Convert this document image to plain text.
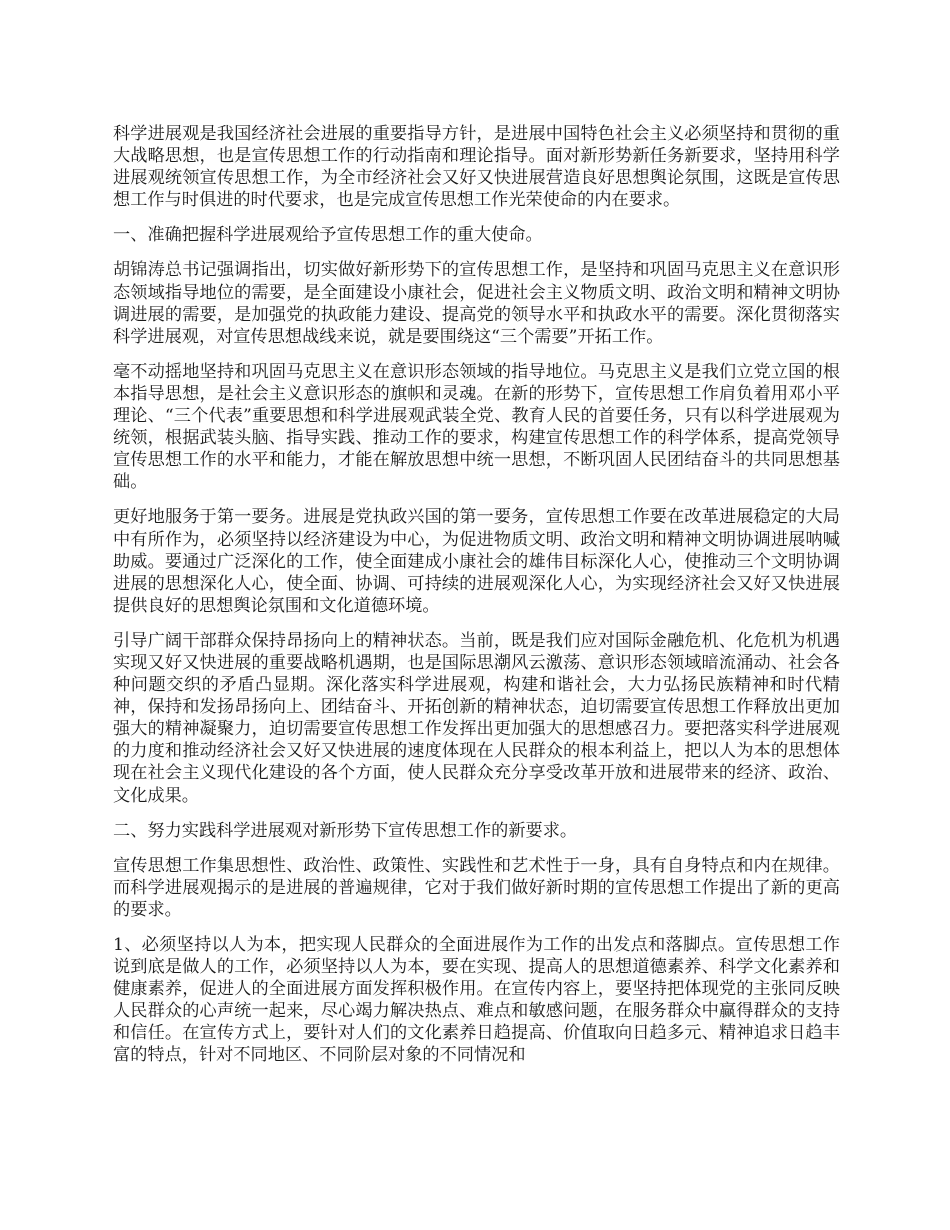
科学进展观是我国经济社会进展的重要指导方针，是进展中国特色社会主义必须坚持和贯彻的重大战略思想，也是宣传思想工作的行动指南和理论指导。面对新形势新任务新要求，坚持用科学进展观统领宣传思想工作，为全市经济社会又好又快进展营造良好思想舆论氛围，这既是宣传思想工作与时俱进的时代要求，也是完成宣传思想工作光荣使命的内在要求。

一、准确把握科学进展观给予宣传思想工作的重大使命。

胡锦涛总书记强调指出，切实做好新形势下的宣传思想工作，是坚持和巩固马克思主义在意识形态领域指导地位的需要，是全面建设小康社会，促进社会主义物质文明、政治文明和精神文明协调进展的需要，是加强党的执政能力建设、提高党的领导水平和执政水平的需要。深化贯彻落实科学进展观，对宣传思想战线来说，就是要围绕这“三个需要”开拓工作。

毫不动摇地坚持和巩固马克思主义在意识形态领域的指导地位。马克思主义是我们立党立国的根本指导思想，是社会主义意识形态的旗帜和灵魂。在新的形势下，宣传思想工作肩负着用邓小平理论、“三个代表”重要思想和科学进展观武装全党、教育人民的首要任务，只有以科学进展观为统领，根据武装头脑、指导实践、推动工作的要求，构建宣传思想工作的科学体系，提高党领导宣传思想工作的水平和能力，才能在解放思想中统一思想，不断巩固人民团结奋斗的共同思想基础。

更好地服务于第一要务。进展是党执政兴国的第一要务，宣传思想工作要在改革进展稳定的大局中有所作为，必须坚持以经济建设为中心，为促进物质文明、政治文明和精神文明协调进展呐喊助威。要通过广泛深化的工作，使全面建成小康社会的雄伟目标深化人心，使推动三个文明协调进展的思想深化人心，使全面、协调、可持续的进展观深化人心，为实现经济社会又好又快进展提供良好的思想舆论氛围和文化道德环境。

引导广阔干部群众保持昂扬向上的精神状态。当前，既是我们应对国际金融危机、化危机为机遇实现又好又快进展的重要战略机遇期，也是国际思潮风云激荡、意识形态领域暗流涌动、社会各种问题交织的矛盾凸显期。深化落实科学进展观，构建和谐社会，大力弘扬民族精神和时代精神，保持和发扬昂扬向上、团结奋斗、开拓创新的精神状态，迫切需要宣传思想工作释放出更加强大的精神凝聚力，迫切需要宣传思想工作发挥出更加强大的思想感召力。要把落实科学进展观的力度和推动经济社会又好又快进展的速度体现在人民群众的根本利益上，把以人为本的思想体现在社会主义现代化建设的各个方面，使人民群众充分享受改革开放和进展带来的经济、政治、文化成果。

二、努力实践科学进展观对新形势下宣传思想工作的新要求。

宣传思想工作集思想性、政治性、政策性、实践性和艺术性于一身，具有自身特点和内在规律。而科学进展观揭示的是进展的普遍规律，它对于我们做好新时期的宣传思想工作提出了新的更高的要求。

1、必须坚持以人为本，把实现人民群众的全面进展作为工作的出发点和落脚点。宣传思想工作说到底是做人的工作，必须坚持以人为本，要在实现、提高人的思想道德素养、科学文化素养和健康素养，促进人的全面进展方面发挥积极作用。在宣传内容上，要坚持把体现党的主张同反映人民群众的心声统一起来，尽心竭力解决热点、难点和敏感问题，在服务群众中赢得群众的支持和信任。在宣传方式上，要针对人们的文化素养日趋提高、价值取向日趋多元、精神追求日趋丰富的特点，针对不同地区、不同阶层对象的不同情况和
